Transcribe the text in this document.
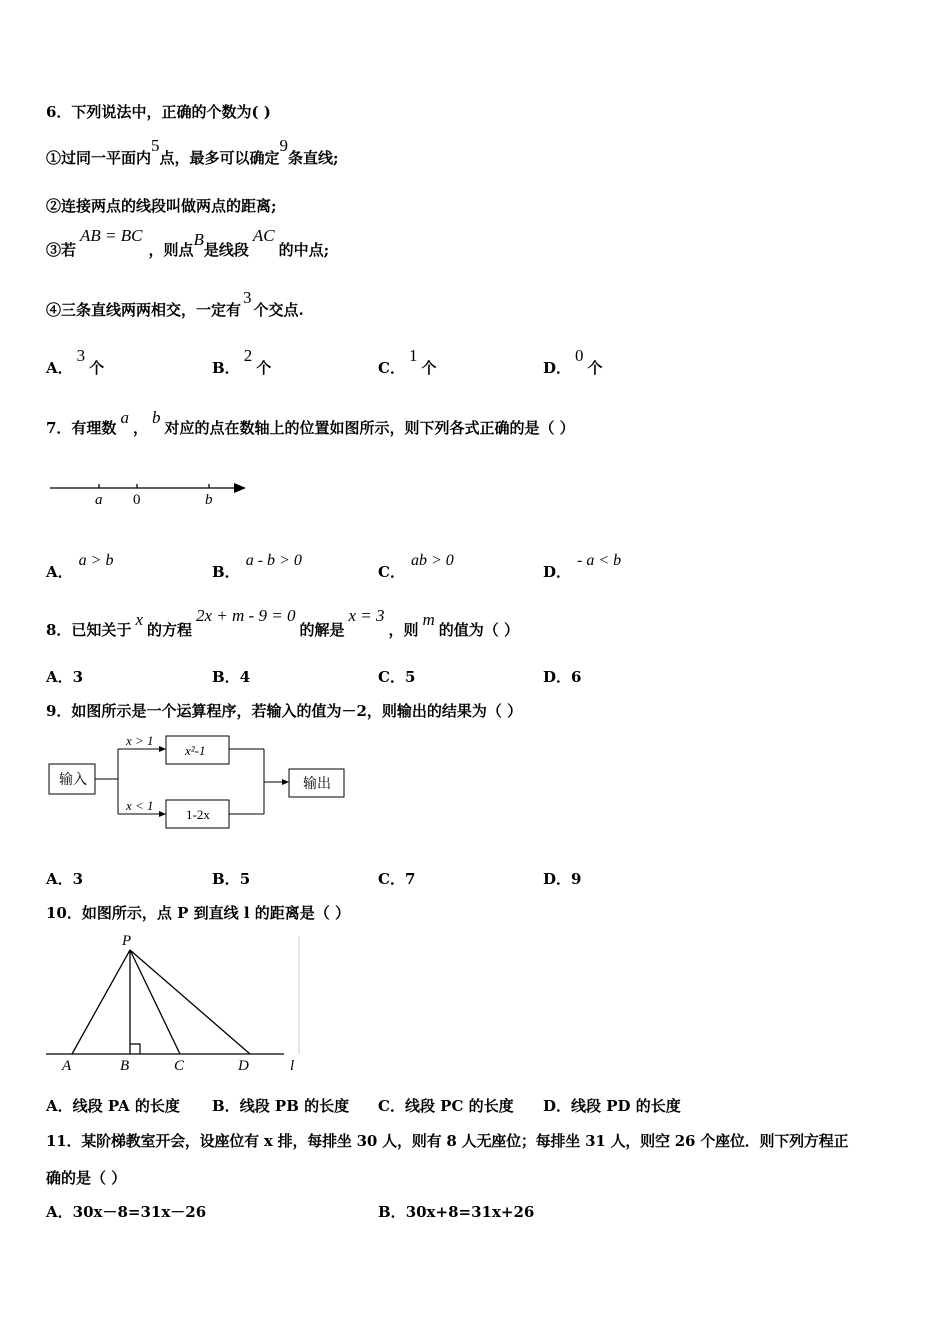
6．下列说法中，正确的个数为( )
①过同一平面内5点，最多可以确定9条直线;
②连接两点的线段叫做两点的距离;
③若AB = BC，则点B是线段AC的中点;
④三条直线两两相交，一定有3个交点.
A．3个	B．2个	C．1个	D．0个
7．有理数a，b对应的点在数轴上的位置如图所示，则下列各式正确的是（ ）
a 0	b
A．a > b
B．a - b > 0
C．ab > 0
D．- a < b
8．已知关于x的方程2x + m - 9 = 0的解是x = 3，则m的值为（ ）
A．3	B．4	C．5	D．6
9．如图所示是一个运算程序，若输入的值为－2，则输出的结果为（ ）
输入
x > 1
x < 1
x²-1
1-2x
输出
A．3	B．5	C．7	D．9
10．如图所示，点 P 到直线 l 的距离是（ ）
P
A	B	C	D	l
A．线段 PA 的长度 B．线段 PB 的长度 C．线段 PC 的长度 D．线段 PD 的长度
11．某阶梯教室开会，设座位有 x 排，每排坐 30 人，则有 8 人无座位；每排坐 31 人，则空 26 个座位．则下列方程正
确的是（ ）
A．30x－8=31x－26	B．30x+8=31x+26
